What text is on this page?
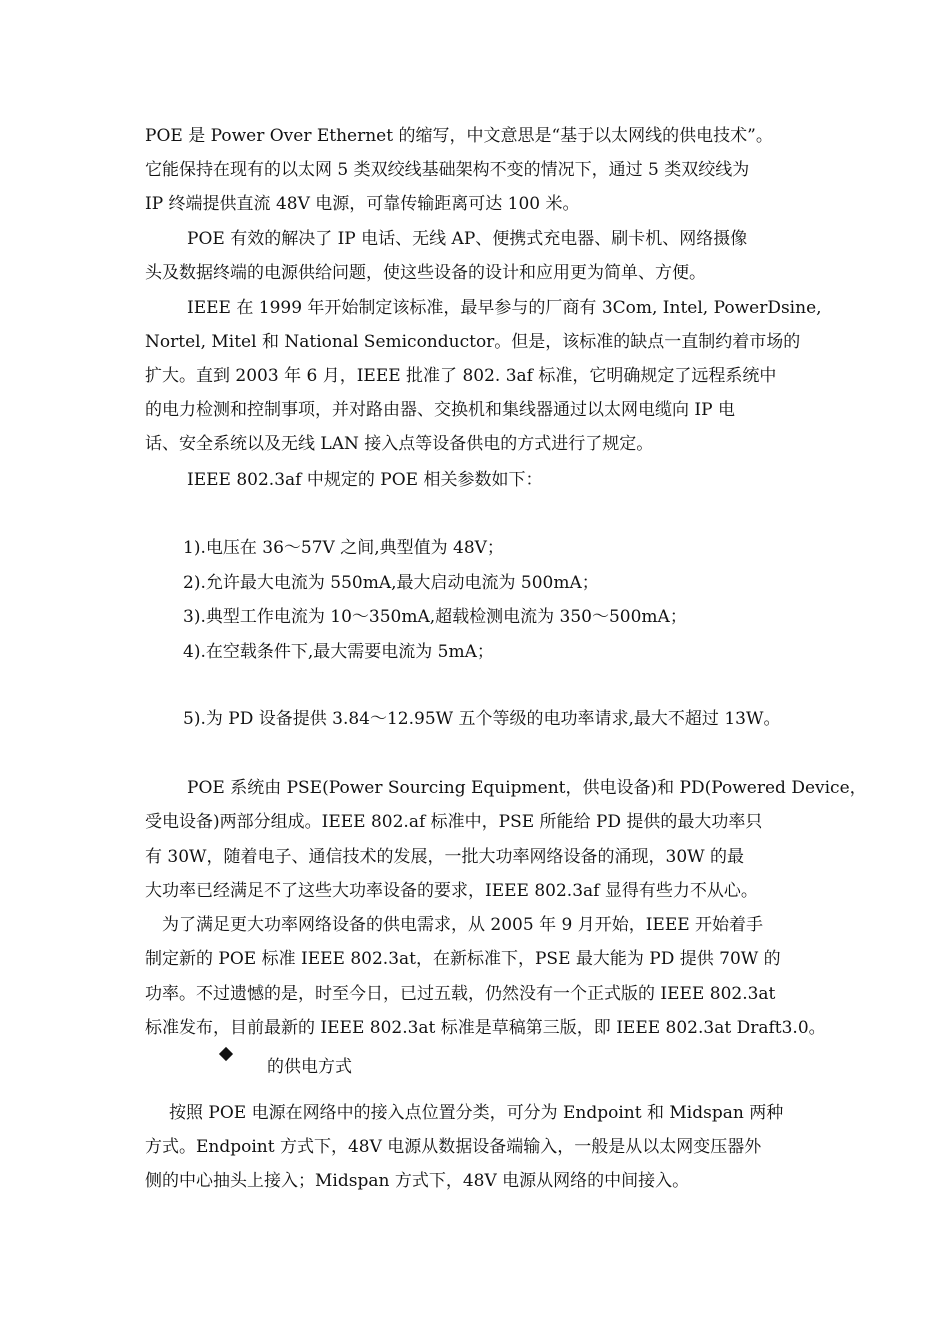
POE 是 Power Over Ethernet 的缩写，中文意思是“基于以太网线的供电技术”。
它能保持在现有的以太网 5 类双绞线基础架构不变的情况下，通过 5 类双绞线为
IP 终端提供直流 48V 电源，可靠传输距离可达 100 米。
POE 有效的解决了 IP 电话、无线 AP、便携式充电器、刷卡机、网络摄像
头及数据终端的电源供给问题，使这些设备的设计和应用更为简单、方便。
IEEE 在 1999 年开始制定该标准，最早参与的厂商有 3Com, Intel, PowerDsine,
Nortel, Mitel 和 National Semiconductor。但是，该标准的缺点一直制约着市场的
扩大。直到 2003 年 6 月，IEEE 批准了 802. 3af 标准，它明确规定了远程系统中
的电力检测和控制事项，并对路由器、交换机和集线器通过以太网电缆向 IP 电
话、安全系统以及无线 LAN 接入点等设备供电的方式进行了规定。
IEEE 802.3af 中规定的 POE 相关参数如下：
1).电压在 36～57V 之间,典型值为 48V；
2).允许最大电流为 550mA,最大启动电流为 500mA；
3).典型工作电流为 10～350mA,超载检测电流为 350～500mA；
4).在空载条件下,最大需要电流为 5mA；
5).为 PD 设备提供 3.84～12.95W 五个等级的电功率请求,最大不超过 13W。
POE 系统由 PSE(Power Sourcing Equipment，供电设备)和 PD(Powered Device，
受电设备)两部分组成。IEEE 802.af 标准中，PSE 所能给 PD 提供的最大功率只
有 30W，随着电子、通信技术的发展，一批大功率网络设备的涌现，30W 的最
大功率已经满足不了这些大功率设备的要求，IEEE 802.3af 显得有些力不从心。
为了满足更大功率网络设备的供电需求，从 2005 年 9 月开始，IEEE 开始着手
制定新的 POE 标准 IEEE 802.3at，在新标准下，PSE 最大能为 PD 提供 70W 的
功率。不过遗憾的是，时至今日，已过五载，仍然没有一个正式版的 IEEE 802.3at
标准发布，目前最新的 IEEE 802.3at 标准是草稿第三版，即 IEEE 802.3at Draft3.0。
的供电方式
按照 POE 电源在网络中的接入点位置分类，可分为 Endpoint 和 Midspan 两种
方式。Endpoint 方式下，48V 电源从数据设备端输入，一般是从以太网变压器外
侧的中心抽头上接入；Midspan 方式下，48V 电源从网络的中间接入。
